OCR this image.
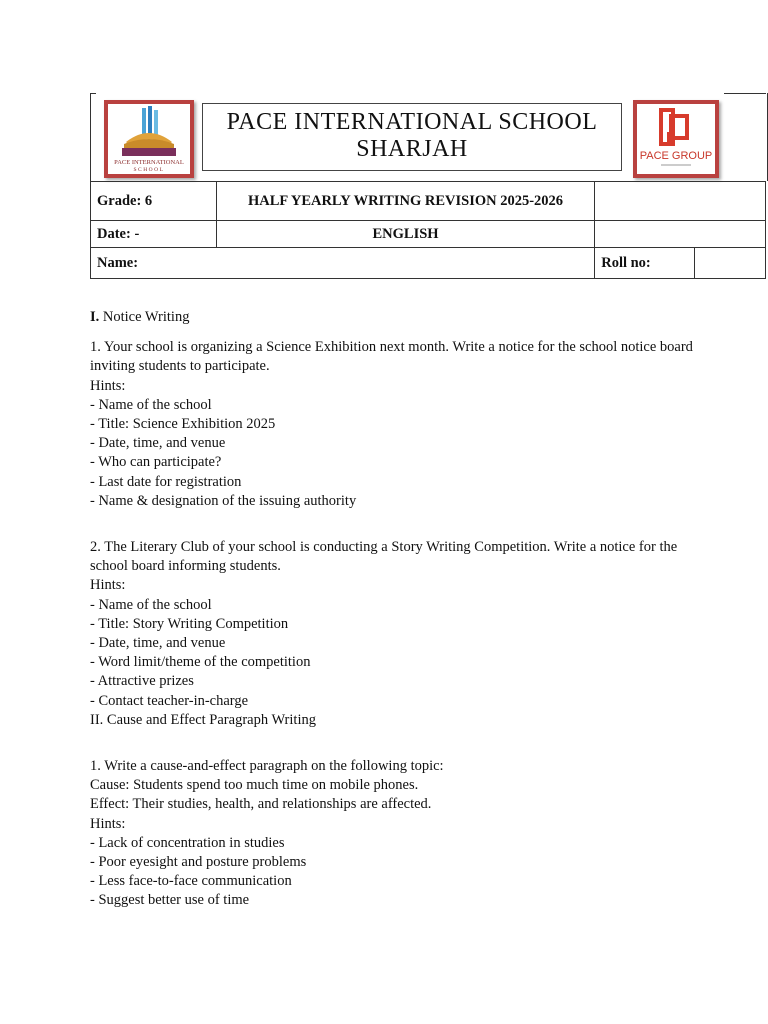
PACE INTERNATIONAL
SCHOOL
PACE INTERNATIONAL SCHOOL
SHARJAH	PACE GROUP
Grade: 6	HALF YEARLY WRITING REVISION 2025-2026		
Date: -	ENGLISH		
Name:		Roll no:	

I. Notice Writing

1. Your school is organizing a Science Exhibition next month. Write a notice for the school notice board inviting students to participate.

Hints:

- Name of the school

- Title: Science Exhibition 2025

- Date, time, and venue

- Who can participate?

- Last date for registration

- Name & designation of the issuing authority

2. The Literary Club of your school is conducting a Story Writing Competition. Write a notice for the school board informing students.

Hints:

- Name of the school

- Title: Story Writing Competition

- Date, time, and venue

- Word limit/theme of the competition

- Attractive prizes

- Contact teacher-in-charge

II. Cause and Effect Paragraph Writing

1. Write a cause-and-effect paragraph on the following topic:

Cause: Students spend too much time on mobile phones.

Effect: Their studies, health, and relationships are affected.

Hints:

- Lack of concentration in studies

- Poor eyesight and posture problems

- Less face-to-face communication

- Suggest better use of time
